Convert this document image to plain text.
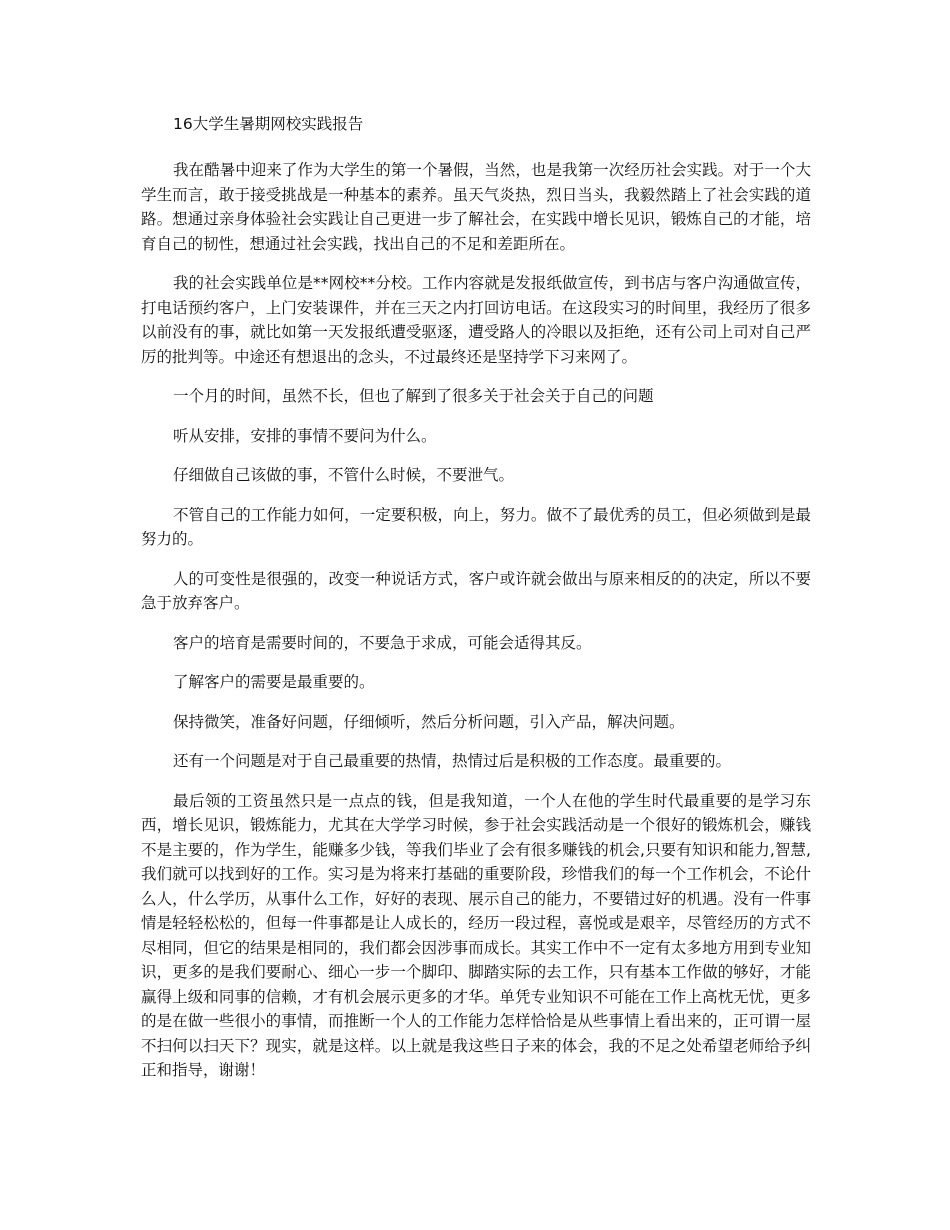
16大学生暑期网校实践报告

我在酷暑中迎来了作为大学生的第一个暑假，当然，也是我第一次经历社会实践。对于一个大学生而言，敢于接受挑战是一种基本的素养。虽天气炎热，烈日当头，我毅然踏上了社会实践的道路。想通过亲身体验社会实践让自己更进一步了解社会，在实践中增长见识，锻炼自己的才能，培育自己的韧性，想通过社会实践，找出自己的不足和差距所在。

我的社会实践单位是**网校**分校。工作内容就是发报纸做宣传，到书店与客户沟通做宣传，打电话预约客户，上门安装课件，并在三天之内打回访电话。在这段实习的时间里，我经历了很多以前没有的事，就比如第一天发报纸遭受驱逐，遭受路人的冷眼以及拒绝，还有公司上司对自己严厉的批判等。中途还有想退出的念头，不过最终还是坚持学下习来网了。

一个月的时间，虽然不长，但也了解到了很多关于社会关于自己的问题

听从安排，安排的事情不要问为什么。

仔细做自己该做的事，不管什么时候，不要泄气。

不管自己的工作能力如何，一定要积极，向上，努力。做不了最优秀的员工，但必须做到是最努力的。

人的可变性是很强的，改变一种说话方式，客户或许就会做出与原来相反的的决定，所以不要急于放弃客户。

客户的培育是需要时间的，不要急于求成，可能会适得其反。

了解客户的需要是最重要的。

保持微笑，准备好问题，仔细倾听，然后分析问题，引入产品，解决问题。

还有一个问题是对于自己最重要的热情，热情过后是积极的工作态度。最重要的。

最后领的工资虽然只是一点点的钱，但是我知道，一个人在他的学生时代最重要的是学习东西，增长见识，锻炼能力，尤其在大学学习时候，参于社会实践活动是一个很好的锻炼机会，赚钱不是主要的，作为学生，能赚多少钱，等我们毕业了会有很多赚钱的机会,只要有知识和能力,智慧,我们就可以找到好的工作。实习是为将来打基础的重要阶段，珍惜我们的每一个工作机会，不论什么人，什么学历，从事什么工作，好好的表现、展示自己的能力，不要错过好的机遇。没有一件事情是轻轻松松的，但每一件事都是让人成长的，经历一段过程，喜悦或是艰辛，尽管经历的方式不尽相同，但它的结果是相同的，我们都会因涉事而成长。其实工作中不一定有太多地方用到专业知识，更多的是我们要耐心、细心一步一个脚印、脚踏实际的去工作，只有基本工作做的够好，才能赢得上级和同事的信赖，才有机会展示更多的才华。单凭专业知识不可能在工作上高枕无忧，更多的是在做一些很小的事情，而推断一个人的工作能力怎样恰恰是从些事情上看出来的，正可谓一屋不扫何以扫天下？现实，就是这样。以上就是我这些日子来的体会，我的不足之处希望老师给予纠正和指导，谢谢！
